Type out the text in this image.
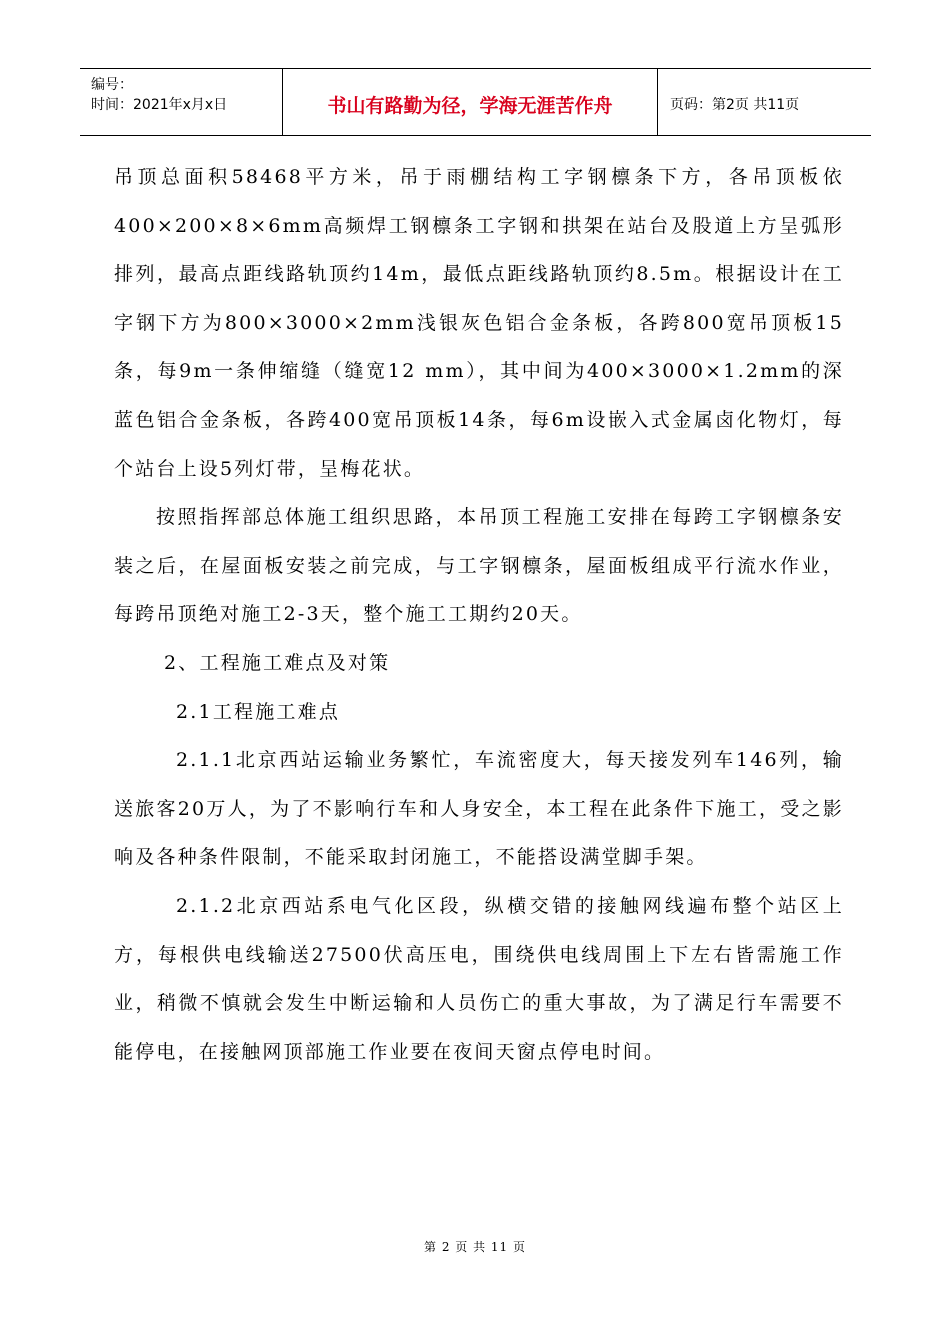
编号：
时间：2021年x月x日	书山有路勤为径，学海无涯苦作舟	页码：第2页 共11页

吊顶总面积58468平方米，吊于雨棚结构工字钢檩条下方，各吊顶板依400×200×8×6mm高频焊工钢檩条工字钢和拱架在站台及股道上方呈弧形排列，最高点距线路轨顶约14m，最低点距线路轨顶约8.5m。根据设计在工字钢下方为800×3000×2mm浅银灰色铝合金条板，各跨800宽吊顶板15条，每9m一条伸缩缝（缝宽12 mm），其中间为400×3000×1.2mm的深蓝色铝合金条板，各跨400宽吊顶板14条，每6m设嵌入式金属卤化物灯，每个站台上设5列灯带，呈梅花状。

按照指挥部总体施工组织思路，本吊顶工程施工安排在每跨工字钢檩条安装之后，在屋面板安装之前完成，与工字钢檩条，屋面板组成平行流水作业，每跨吊顶绝对施工2-3天，整个施工工期约20天。

2、工程施工难点及对策

2.1工程施工难点

2.1.1北京西站运输业务繁忙，车流密度大，每天接发列车146列，输送旅客20万人，为了不影响行车和人身安全，本工程在此条件下施工，受之影响及各种条件限制，不能采取封闭施工，不能搭设满堂脚手架。

2.1.2北京西站系电气化区段，纵横交错的接触网线遍布整个站区上方，每根供电线输送27500伏高压电，围绕供电线周围上下左右皆需施工作业，稍微不慎就会发生中断运输和人员伤亡的重大事故，为了满足行车需要不能停电，在接触网顶部施工作业要在夜间天窗点停电时间。

第 2 页 共 11 页
